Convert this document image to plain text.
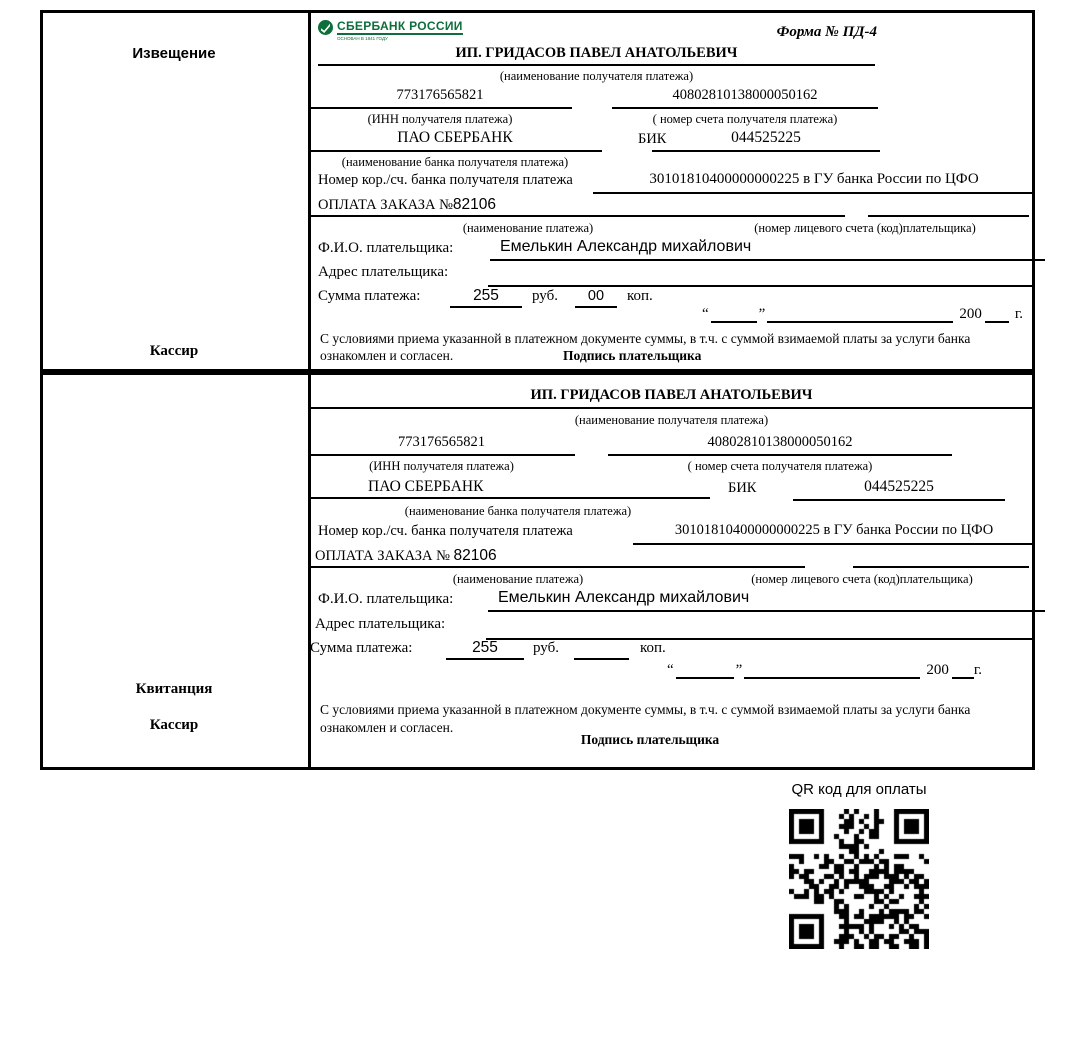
Извещение
Кассир
СБЕРБАНК РОССИИ
ОСНОВАН В 1841 ГОДУ	Форма № ПД-4
ИП. ГРИДАСОВ ПАВЕЛ АНАТОЛЬЕВИЧ
(наименование получателя платежа)
773176565821	40802810138000050162
(ИНН получателя платежа)	( номер счета получателя платежа)
ПАО СБЕРБАНК	БИК	044525225
(наименование банка получателя платежа)
Номер кор./сч. банка получателя платежа	30101810400000000225 в ГУ банка России по ЦФО
ОПЛАТА ЗАКАЗА №82106
(наименование платежа)	(номер лицевого счета (код)плательщика)
Ф.И.О. плательщика:	Емелькин Александр михайлович
Адрес плательщика:
Сумма платежа:	255	руб.	00	коп.
“	”	200	г.
С условиями приема указанной в платежном документе суммы, в т.ч. с суммой взимаемой платы за услуги банка
ознакомлен и согласен.	Подпись плательщика
Квитанция
Кассир
ИП. ГРИДАСОВ ПАВЕЛ АНАТОЛЬЕВИЧ
(наименование получателя платежа)
773176565821	40802810138000050162
(ИНН получателя платежа)	( номер счета получателя платежа)
ПАО СБЕРБАНК	БИК	044525225
(наименование банка получателя платежа)
Номер кор./сч. банка получателя платежа	30101810400000000225 в ГУ банка России по ЦФО
ОПЛАТА ЗАКАЗА № 82106
(наименование платежа)	(номер лицевого счета (код)плательщика)
Ф.И.О. плательщика:	Емелькин Александр михайлович
Адрес плательщика:
Сумма платежа:	255	руб.	коп.
“	”	200 г.
С условиями приема указанной в платежном документе суммы, в т.ч. с суммой взимаемой платы за услуги банка
ознакомлен и согласен.
Подпись плательщика
QR код для оплаты
